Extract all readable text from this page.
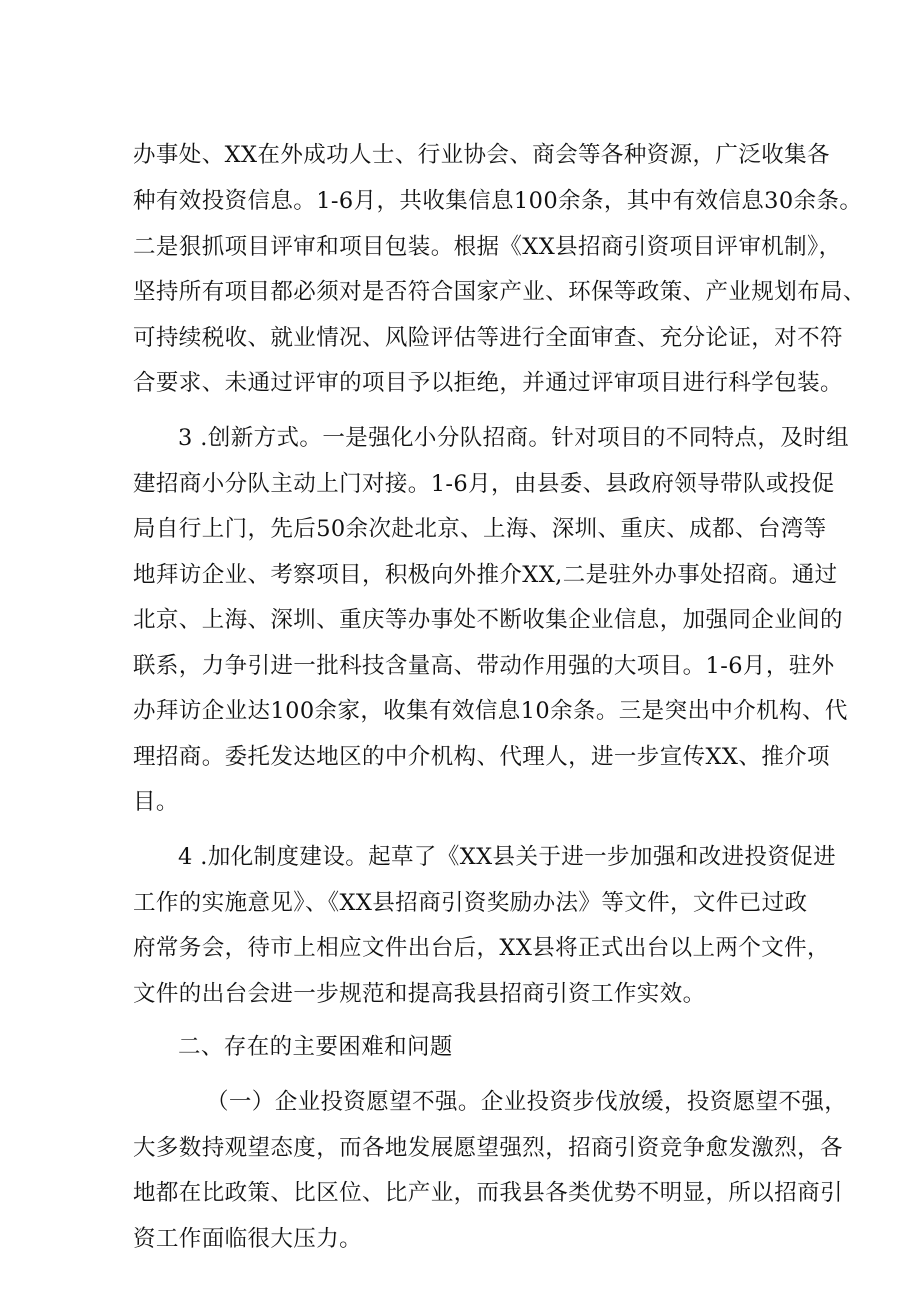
办事处、XX在外成功人士、行业协会、商会等各种资源，广泛收集各
种有效投资信息。1-6月，共收集信息100余条，其中有效信息30余条。
二是狠抓项目评审和项目包装。根据《XX县招商引资项目评审机制》，
坚持所有项目都必须对是否符合国家产业、环保等政策、产业规划布局、
可持续税收、就业情况、风险评估等进行全面审查、充分论证，对不符
合要求、未通过评审的项目予以拒绝，并通过评审项目进行科学包装。
3 .创新方式。一是强化小分队招商。针对项目的不同特点，及时组
建招商小分队主动上门对接。1-6月，由县委、县政府领导带队或投促
局自行上门，先后50余次赴北京、上海、深圳、重庆、成都、台湾等
地拜访企业、考察项目，积极向外推介XX,二是驻外办事处招商。通过
北京、上海、深圳、重庆等办事处不断收集企业信息，加强同企业间的
联系，力争引进一批科技含量高、带动作用强的大项目。1-6月，驻外
办拜访企业达100余家，收集有效信息10余条。三是突出中介机构、代
理招商。委托发达地区的中介机构、代理人，进一步宣传XX、推介项
目。
4 .加化制度建设。起草了《XX县关于进一步加强和改进投资促进
工作的实施意见》、《XX县招商引资奖励办法》等文件，文件已过政
府常务会，待市上相应文件出台后，XX县将正式出台以上两个文件，
文件的出台会进一步规范和提高我县招商引资工作实效。
二、存在的主要困难和问题
（一）企业投资愿望不强。企业投资步伐放缓，投资愿望不强，
大多数持观望态度，而各地发展愿望强烈，招商引资竞争愈发激烈，各
地都在比政策、比区位、比产业，而我县各类优势不明显，所以招商引
资工作面临很大压力。
